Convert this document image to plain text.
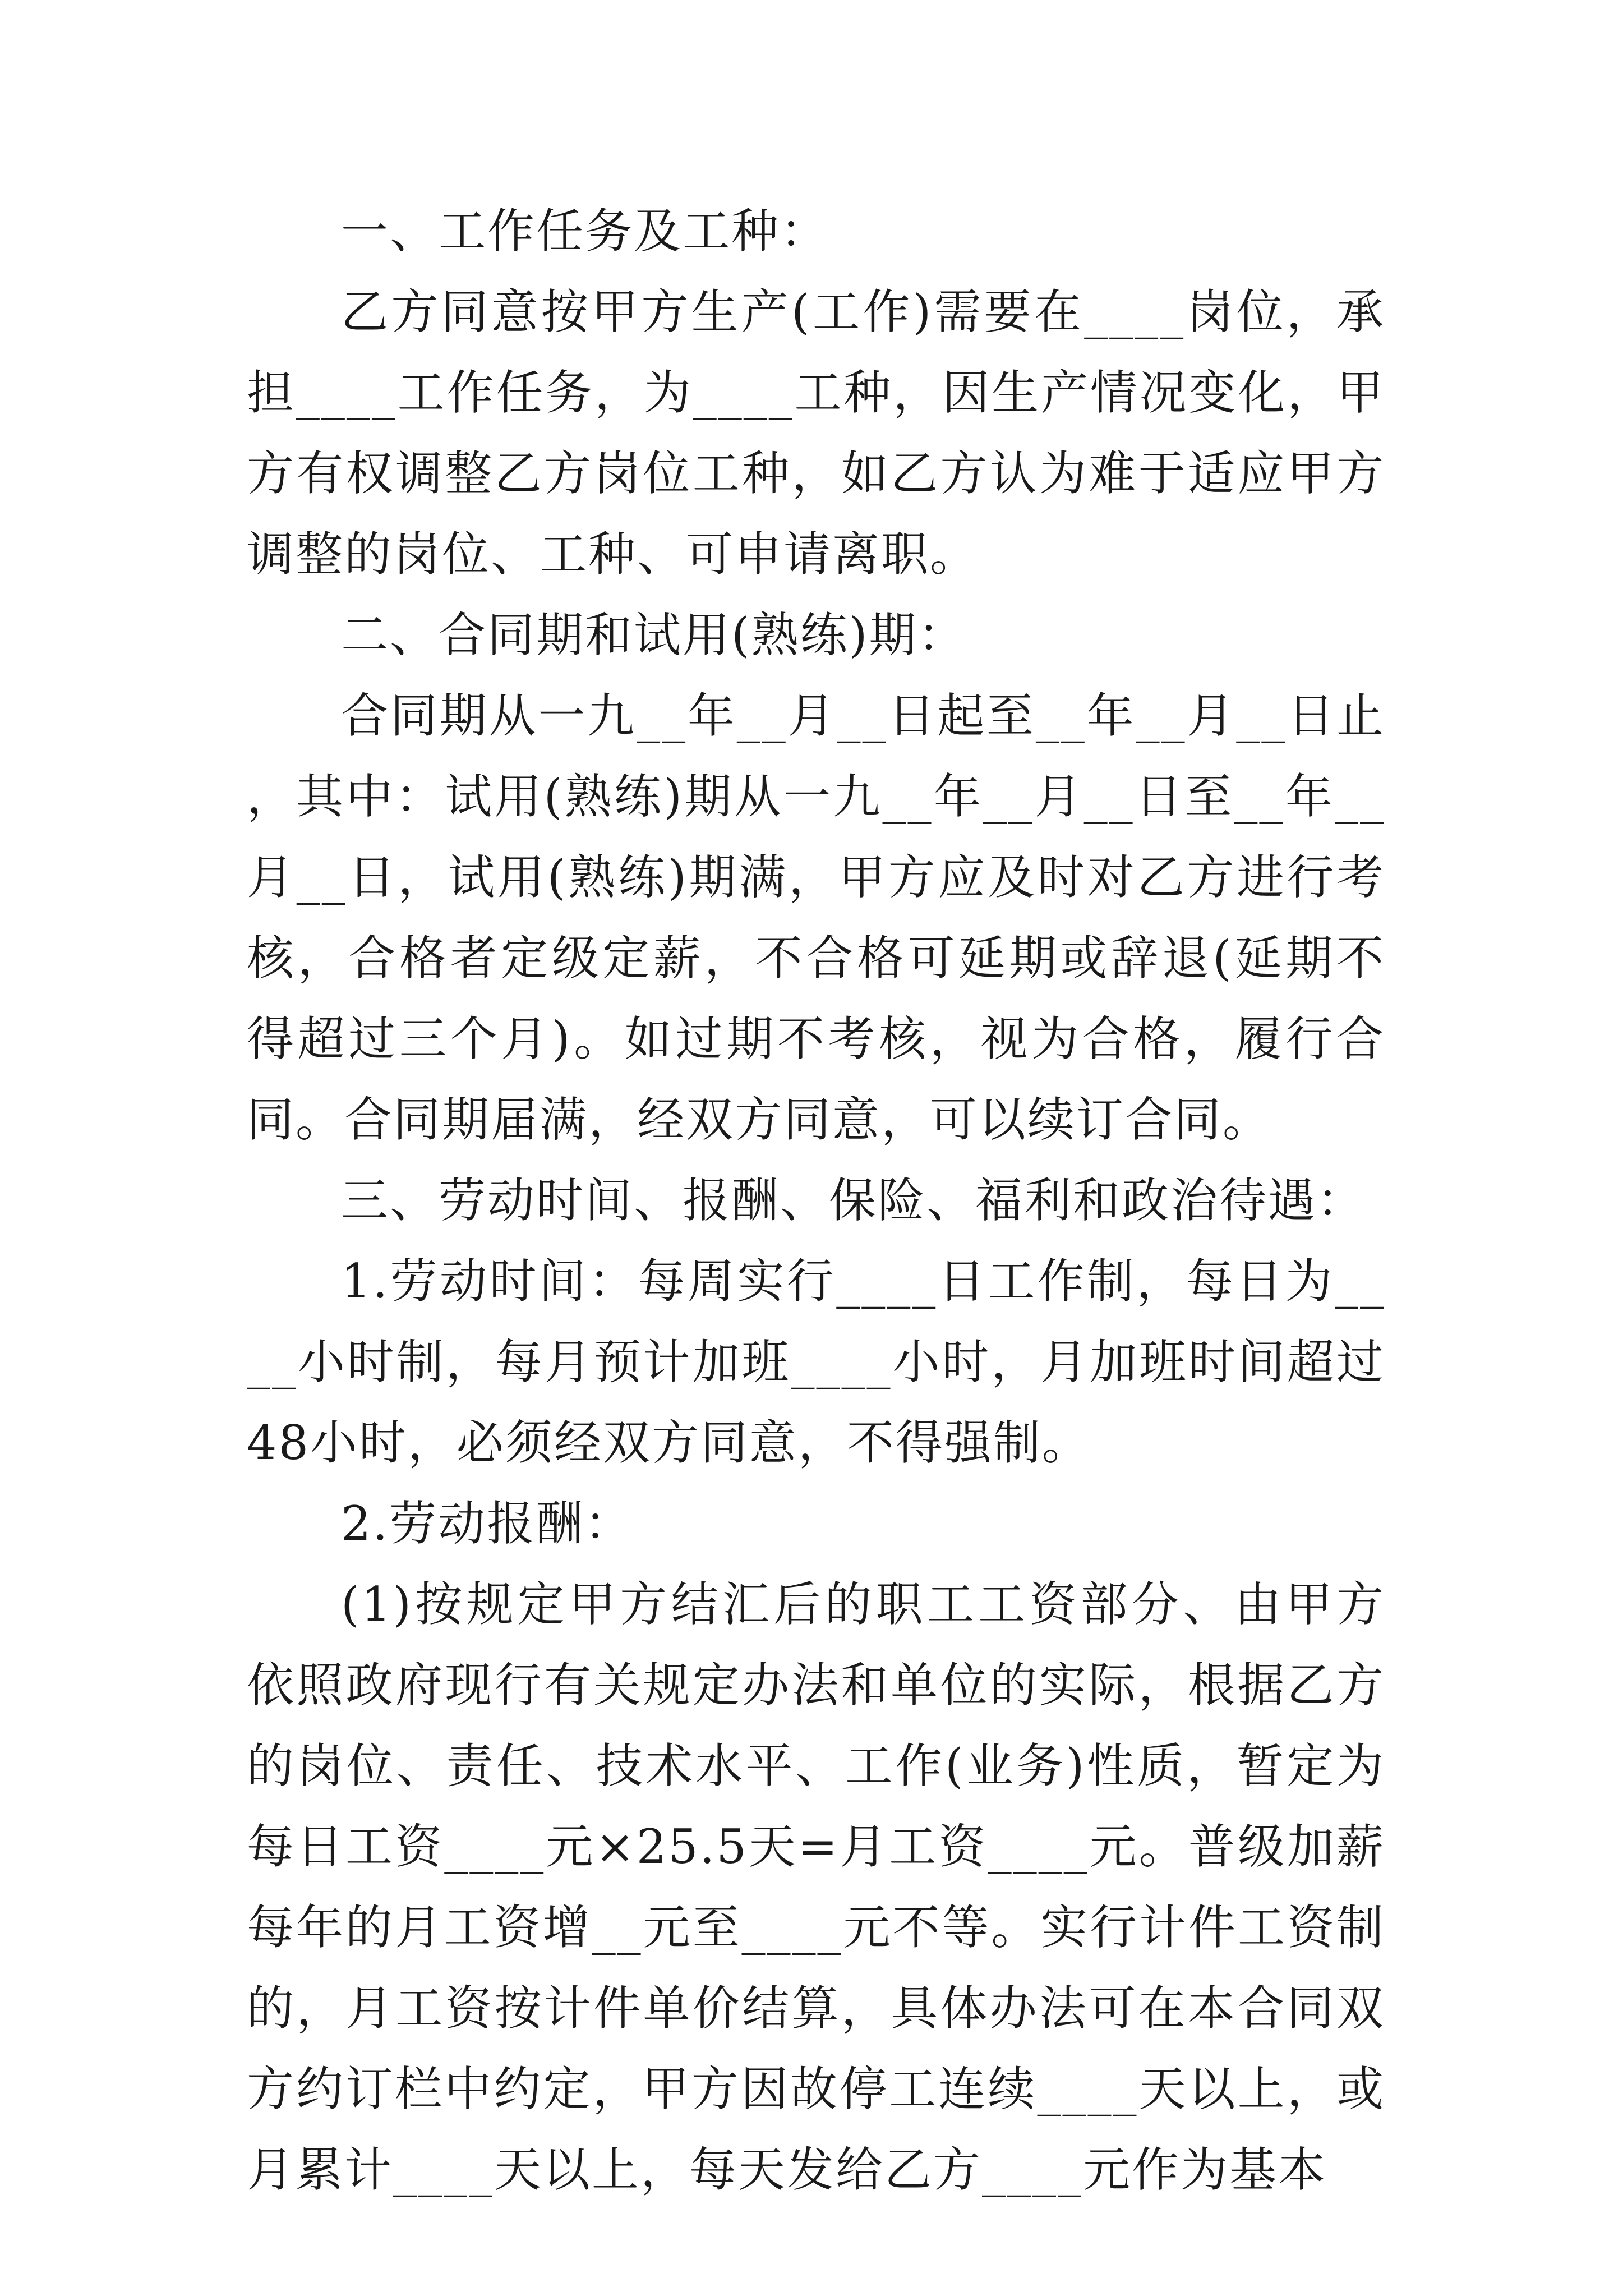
一、工作任务及工种：

乙方同意按甲方生产(工作)需要在____岗位，承担____工作任务，为____工种，因生产情况变化，甲方有权调整乙方岗位工种，如乙方认为难于适应甲方调整的岗位、工种、可申请离职。

二、合同期和试用(熟练)期：

合同期从一九__年__月__日起至__年__月__日止，其中：试用(熟练)期从一九__年__月__日至__年__月__日，试用(熟练)期满，甲方应及时对乙方进行考核，合格者定级定薪，不合格可延期或辞退(延期不得超过三个月)。如过期不考核，视为合格，履行合同。合同期届满，经双方同意，可以续订合同。

三、劳动时间、报酬、保险、福利和政治待遇：

1.劳动时间：每周实行____日工作制，每日为____小时制，每月预计加班____小时，月加班时间超过48小时，必须经双方同意，不得强制。

2.劳动报酬：

(1)按规定甲方结汇后的职工工资部分、由甲方依照政府现行有关规定办法和单位的实际，根据乙方的岗位、责任、技术水平、工作(业务)性质，暂定为每日工资____元×25.5天=月工资____元。普级加薪每年的月工资增__元至____元不等。实行计件工资制的，月工资按计件单价结算，具体办法可在本合同双方约订栏中约定，甲方因故停工连续____天以上，或月累计____天以上，每天发给乙方____元作为基本
